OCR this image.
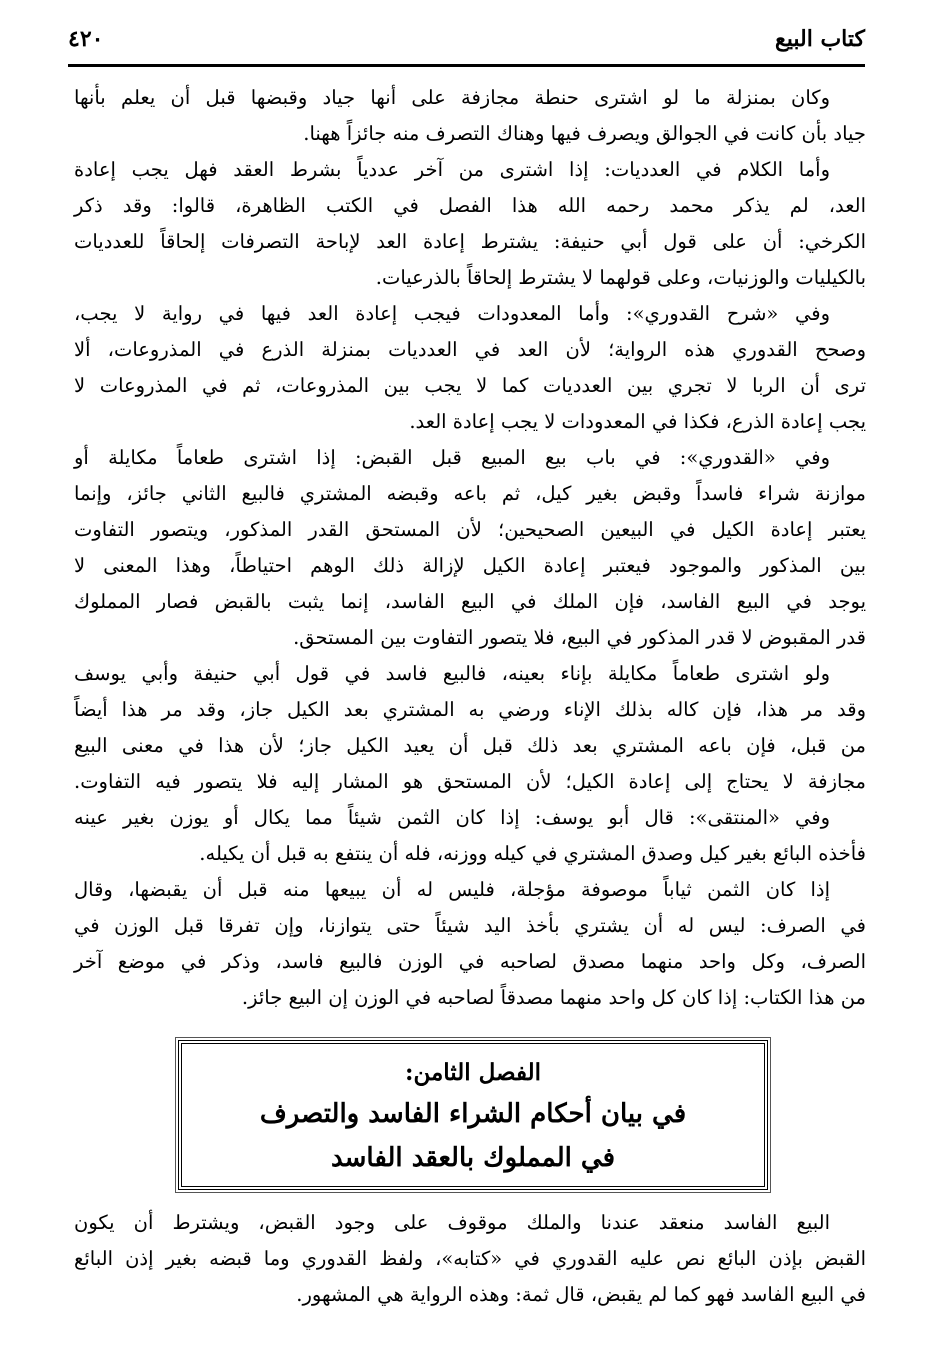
كتاب البيع
٤٢٠
وكان بمنزلة ما لو اشترى حنطة مجازفة على أنها جياد وقبضها قبل أن يعلم بأنها
جياد بأن كانت في الجوالق ويصرف فيها وهناك التصرف منه جائزاً ههنا.
وأما الكلام في العدديات: إذا اشترى من آخر عددياً بشرط العقد فهل يجب إعادة
العد، لم يذكر محمد رحمه الله هذا الفصل في الكتب الظاهرة، قالوا: وقد ذكر
الكرخي: أن على قول أبي حنيفة: يشترط إعادة العد لإباحة التصرفات إلحاقاً للعدديات
بالكيليات والوزنيات، وعلى قولهما لا يشترط إلحاقاً بالذرعيات.
وفي «شرح القدوري»: وأما المعدودات فيجب إعادة العد فيها في رواية لا يجب،
وصحح القدوري هذه الرواية؛ لأن العد في العدديات بمنزلة الذرع في المذروعات، ألا
ترى أن الربا لا تجري بين العدديات كما لا يجب بين المذروعات، ثم في المذروعات لا
يجب إعادة الذرع، فكذا في المعدودات لا يجب إعادة العد.
وفي «القدوري»: في باب بيع المبيع قبل القبض: إذا اشترى طعاماً مكايلة أو
موازنة شراء فاسداً وقبض بغير كيل، ثم باعه وقبضه المشتري فالبيع الثاني جائز، وإنما
يعتبر إعادة الكيل في البيعين الصحيحين؛ لأن المستحق القدر المذكور، ويتصور التفاوت
بين المذكور والموجود فيعتبر إعادة الكيل لإزالة ذلك الوهم احتياطاً، وهذا المعنى لا
يوجد في البيع الفاسد، فإن الملك في البيع الفاسد، إنما يثبت بالقبض فصار المملوك
قدر المقبوض لا قدر المذكور في البيع، فلا يتصور التفاوت بين المستحق.
ولو اشترى طعاماً مكايلة بإناء بعينه، فالبيع فاسد في قول أبي حنيفة وأبي يوسف
وقد مر هذا، فإن كاله بذلك الإناء ورضي به المشتري بعد الكيل جاز، وقد مر هذا أيضاً
من قبل، فإن باعه المشتري بعد ذلك قبل أن يعيد الكيل جاز؛ لأن هذا في معنى البيع
مجازفة لا يحتاج إلى إعادة الكيل؛ لأن المستحق هو المشار إليه فلا يتصور فيه التفاوت.
وفي «المنتقى»: قال أبو يوسف: إذا كان الثمن شيئاً مما يكال أو يوزن بغير عينه
فأخذه البائع بغير كيل وصدق المشتري في كيله ووزنه، فله أن ينتفع به قبل أن يكيله.
إذا كان الثمن ثياباً موصوفة مؤجلة، فليس له أن يبيعها منه قبل أن يقبضها، وقال
في الصرف: ليس له أن يشتري بأخذ اليد شيئاً حتى يتوازنا، وإن تفرقا قبل الوزن في
الصرف، وكل واحد منهما مصدق لصاحبه في الوزن فالبيع فاسد، وذكر في موضع آخر
من هذا الكتاب: إذا كان كل واحد منهما مصدقاً لصاحبه في الوزن إن البيع جائز.
الفصل الثامن:
في بيان أحكام الشراء الفاسد والتصرف
في المملوك بالعقد الفاسد
البيع الفاسد منعقد عندنا والملك موقوف على وجود القبض، ويشترط أن يكون
القبض بإذن البائع نص عليه القدوري في «كتابه»، ولفظ القدوري وما قبضه بغير إذن البائع
في البيع الفاسد فهو كما لم يقبض، قال ثمة: وهذه الرواية هي المشهور.
